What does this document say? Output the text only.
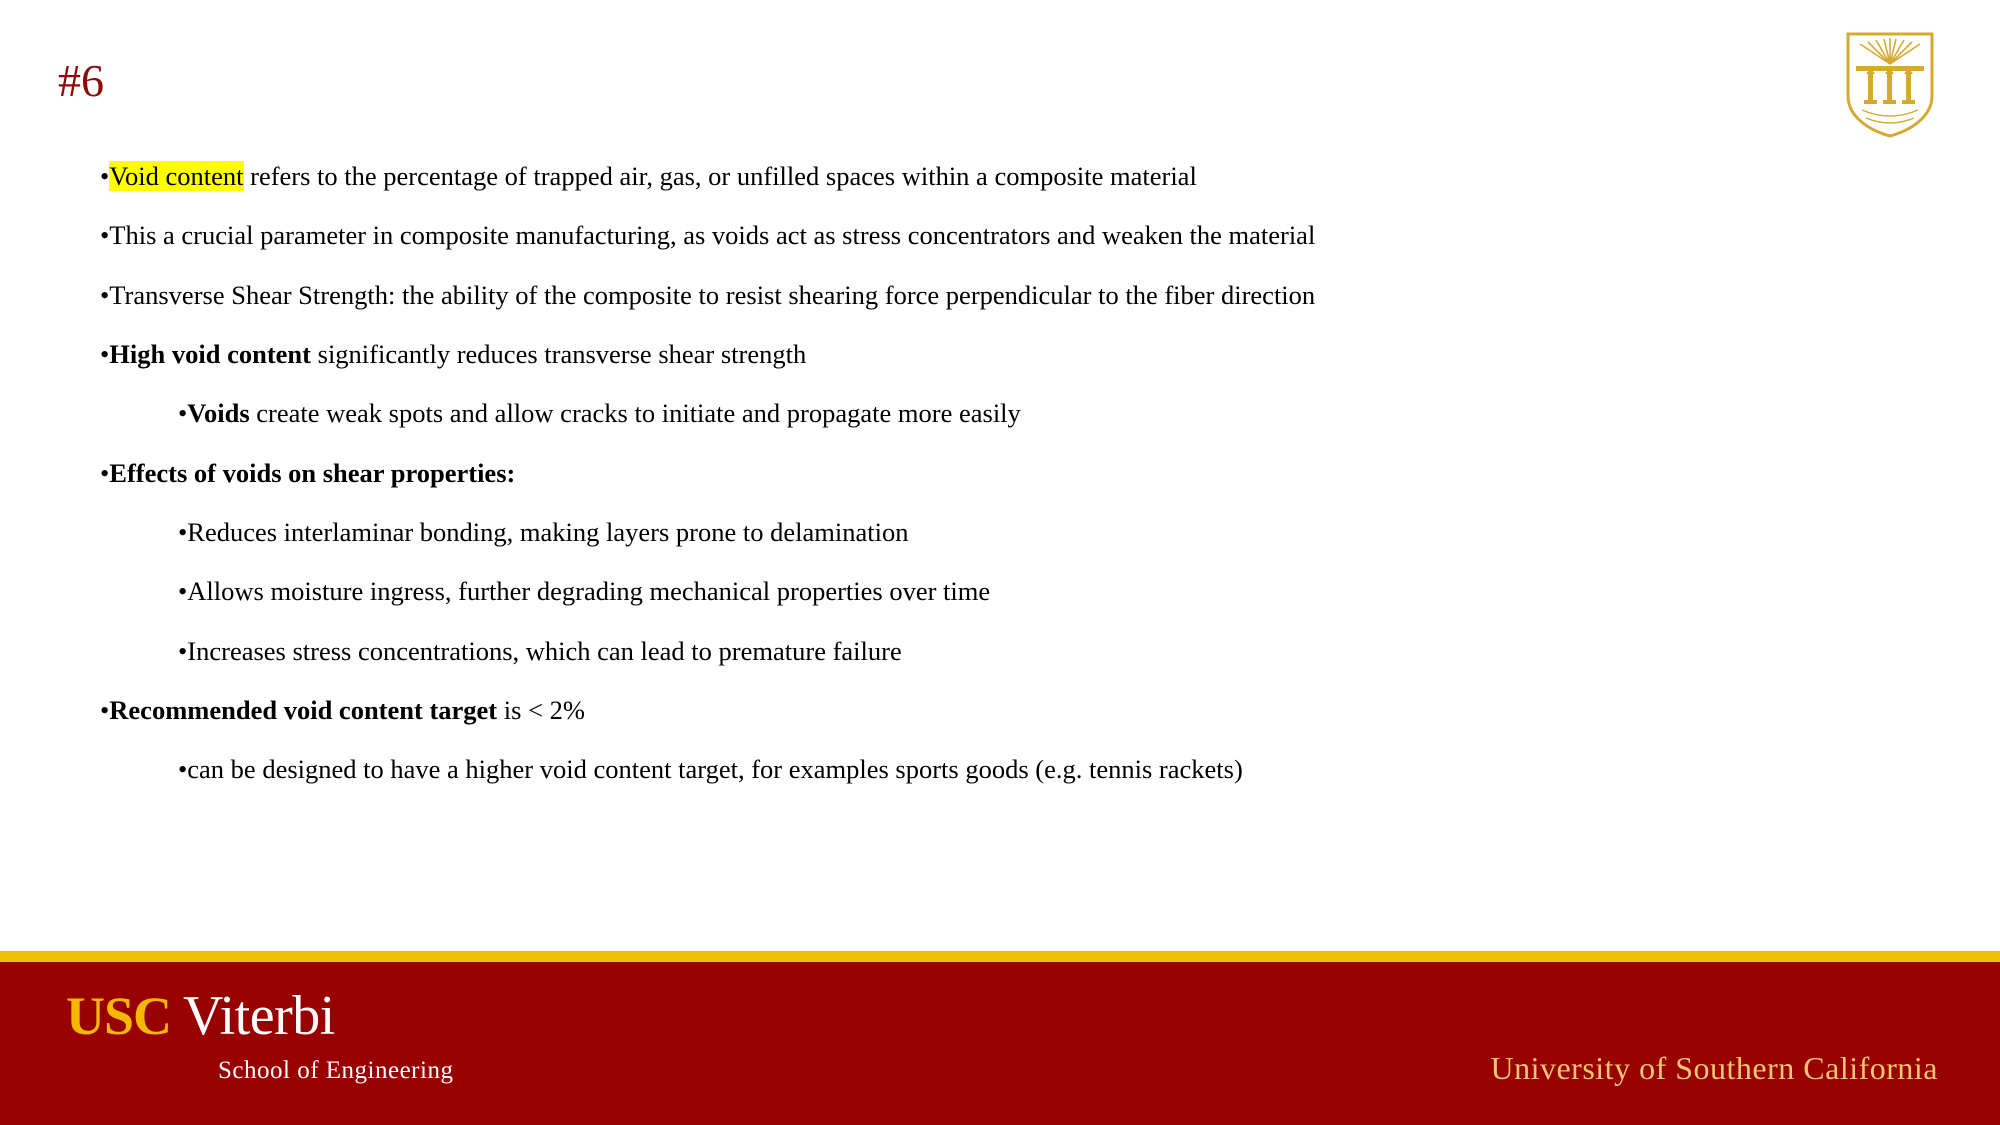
#6
•Void content refers to the percentage of trapped air, gas, or unfilled spaces within a composite material
•This a crucial parameter in composite manufacturing, as voids act as stress concentrators and weaken the material
•Transverse Shear Strength: the ability of the composite to resist shearing force perpendicular to the fiber direction
•High void content significantly reduces transverse shear strength
•Voids create weak spots and allow cracks to initiate and propagate more easily
•Effects of voids on shear properties:
•Reduces interlaminar bonding, making layers prone to delamination
•Allows moisture ingress, further degrading mechanical properties over time
•Increases stress concentrations, which can lead to premature failure
•Recommended void content target is < 2%
•can be designed to have a higher void content target, for examples sports goods (e.g. tennis rackets)
USC Viterbi
School of Engineering	University of Southern California
